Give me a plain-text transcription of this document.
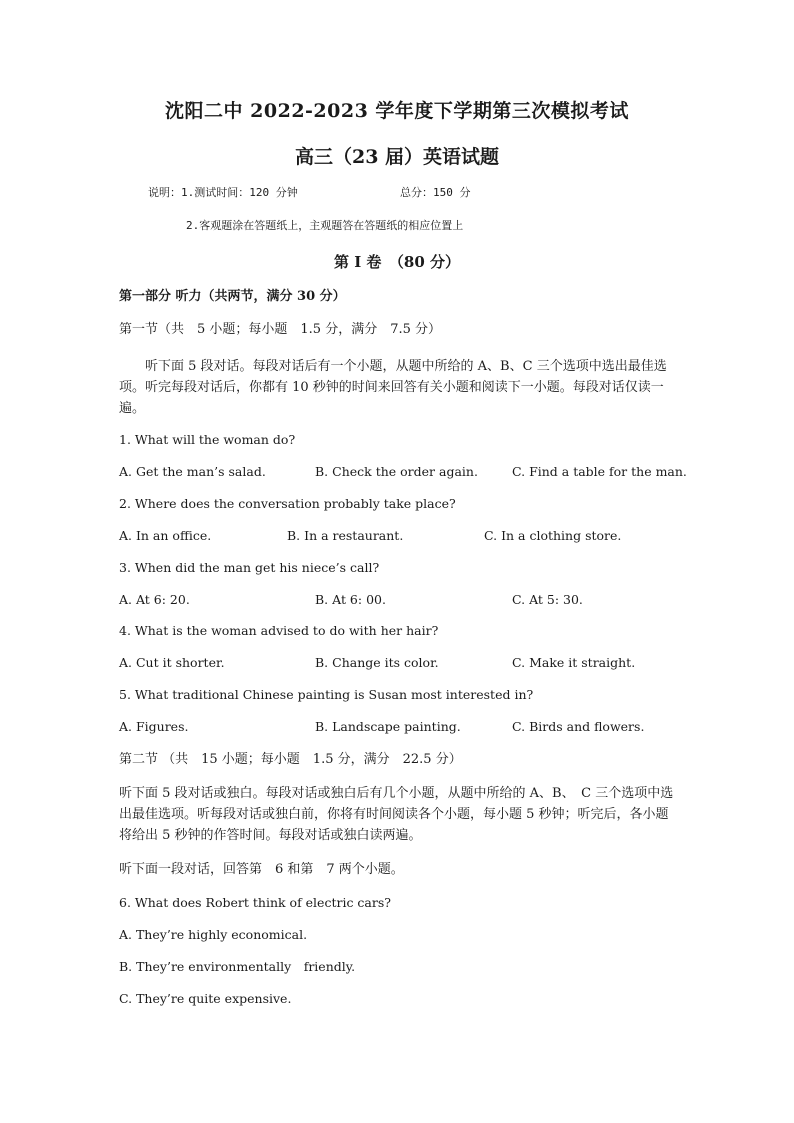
沈阳二中 2022-2023 学年度下学期第三次模拟考试
高三（23 届）英语试题
说明：1.测试时间：120 分钟	总分：150 分
2.客观题涂在答题纸上，主观题答在答题纸的相应位置上
第 I 卷　（80 分）
第一部分 听力（共两节，满分 30 分）
第一节（共　5 小题；每小题　1.5 分，满分　7.5 分）
听下面 5 段对话。每段对话后有一个小题，从题中所给的 A、B、C 三个选项中选出最佳选项。听完每段对话后，你都有 10 秒钟的时间来回答有关小题和阅读下一小题。每段对话仅读一遍。
1. What will the woman do?
A. Get the man’s salad.	B. Check the order again.	C. Find a table for the man.
2. Where does the conversation probably take place?
A. In an office.	B. In a restaurant.	C. In a clothing store.
3. When did the man get his niece’s call?
A. At 6: 20.	B. At 6: 00.	C. At 5: 30.
4. What is the woman advised to do with her hair?
A. Cut it shorter.	B. Change its color.	C. Make it straight.
5. What traditional Chinese painting is Susan most interested in?
A. Figures.	B. Landscape painting.	C. Birds and flowers.
第二节 （共　15 小题；每小题　1.5 分，满分　22.5 分）
听下面 5 段对话或独白。每段对话或独白后有几个小题，从题中所给的 A、B、　C 三个选项中选出最佳选项。听每段对话或独白前，你将有时间阅读各个小题，每小题 5 秒钟；听完后，各小题将给出 5 秒钟的作答时间。每段对话或独白读两遍。
听下面一段对话，回答第　6 和第　7 两个小题。
6. What does Robert think of electric cars?
A. They’re highly economical.
B. They’re environmentally　friendly.
C. They’re quite expensive.
